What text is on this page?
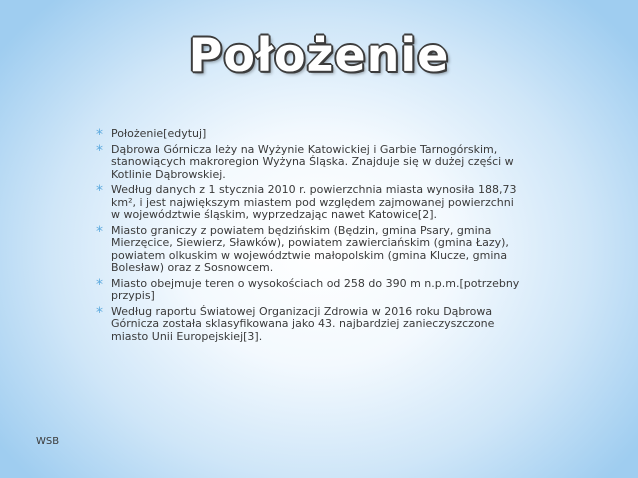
Położenie
* Położenie[edytuj]
* Dąbrowa Górnicza leży na Wyżynie Katowickiej i Garbie Tarnogórskim, stanowiących makroregion Wyżyna Śląska. Znajduje się w dużej części w Kotlinie Dąbrowskiej.
* Według danych z 1 stycznia 2010 r. powierzchnia miasta wynosiła 188,73 km², i jest największym miastem pod względem zajmowanej powierzchni w województwie śląskim, wyprzedzając nawet Katowice[2].
* Miasto graniczy z powiatem będzińskim (Będzin, gmina Psary, gmina Mierzęcice, Siewierz, Sławków), powiatem zawierciańskim (gmina Łazy), powiatem olkuskim w województwie małopolskim (gmina Klucze, gmina Bolesław) oraz z Sosnowcem.
* Miasto obejmuje teren o wysokościach od 258 do 390 m n.p.m.[potrzebny przypis]
* Według raportu Światowej Organizacji Zdrowia w 2016 roku Dąbrowa Górnicza została sklasyfikowana jako 43. najbardziej zanieczyszczone miasto Unii Europejskiej[3].
WSB
